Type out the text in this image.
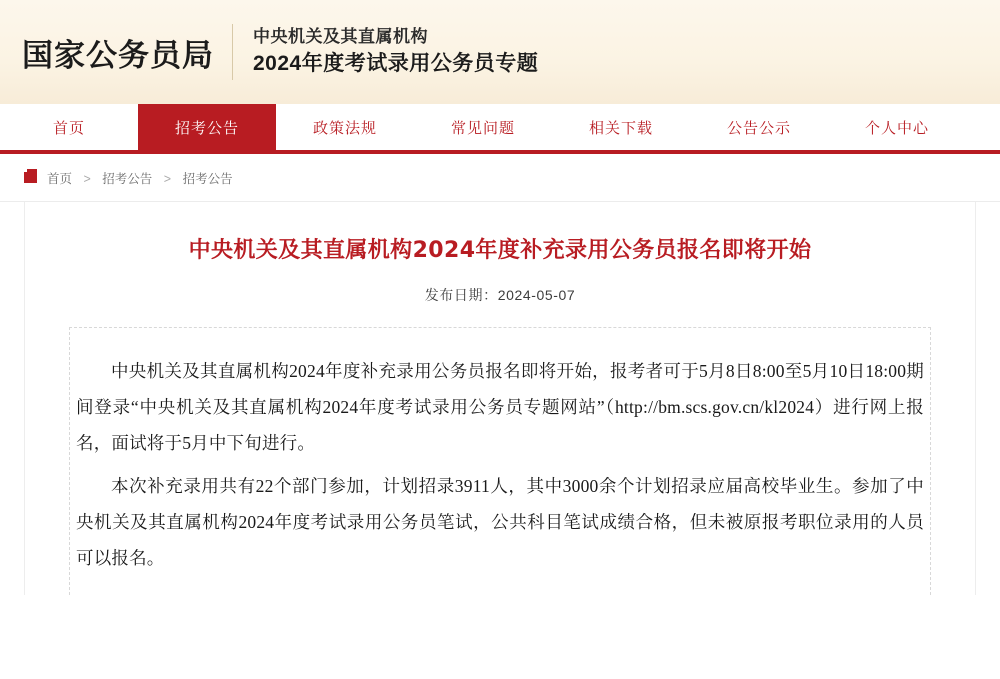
国家公务员局
中央机关及其直属机构
2024年度考试录用公务员专题
首页	招考公告	政策法规	常见问题	相关下载	公告公示	个人中心
首页 > 招考公告 > 招考公告
中央机关及其直属机构2024年度补充录用公务员报名即将开始
发布日期：2024-05-07

中央机关及其直属机构2024年度补充录用公务员报名即将开始，报考者可于5月8日8:00至5月10日18:00期间登录“中央机关及其直属机构2024年度考试录用公务员专题网站”（http://bm.scs.gov.cn/kl2024）进行网上报名，面试将于5月中下旬进行。

本次补充录用共有22个部门参加，计划招录3911人，其中3000余个计划招录应届高校毕业生。参加了中央机关及其直属机构2024年度考试录用公务员笔试，公共科目笔试成绩合格，但未被原报考职位录用的人员可以报名。
